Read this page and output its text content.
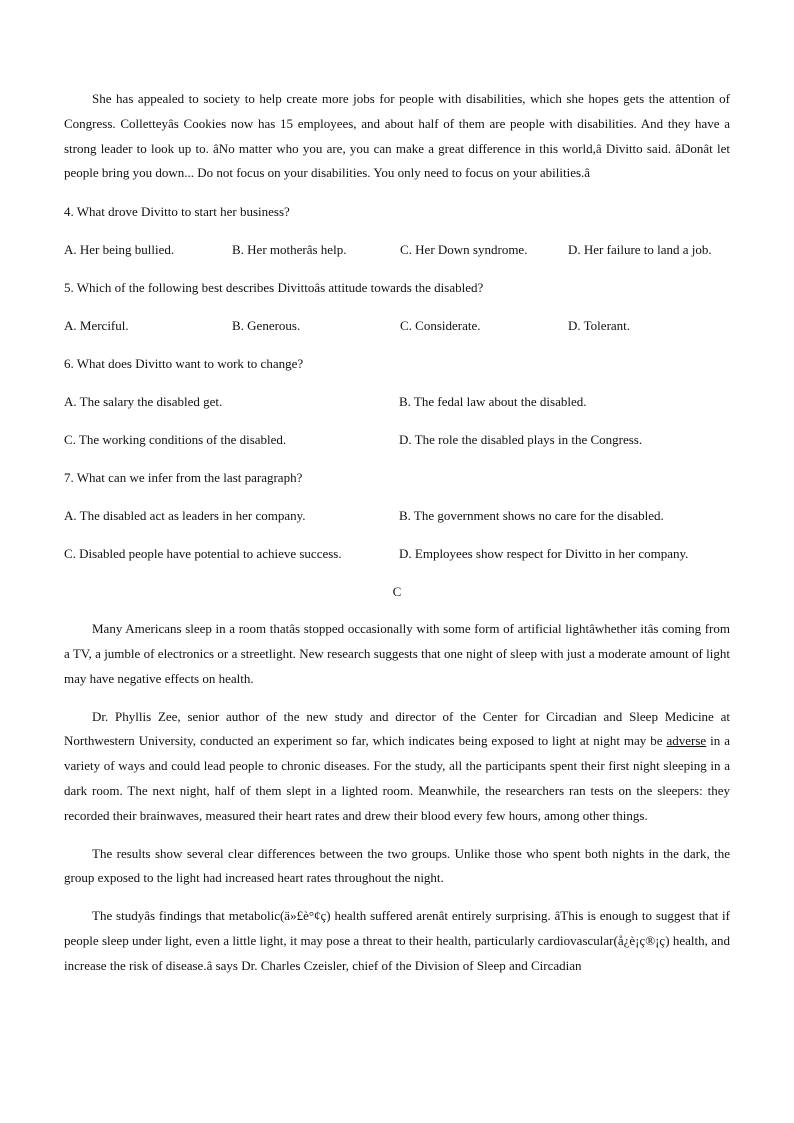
She has appealed to society to help create more jobs for people with disabilities, which she hopes gets the attention of Congress. Colletteyâs Cookies now has 15 employees, and about half of them are people with disabilities. And they have a strong leader to look up to. âNo matter who you are, you can make a great difference in this world,â Divitto said. âDonât let people bring you down... Do not focus on your disabilities. You only need to focus on your abilities.â

4. What drove Divitto to start her business?
A. Her being bullied.	B. Her motherâs help.	C. Her Down syndrome.	D. Her failure to land a job.
5. Which of the following best describes Divittoâs attitude towards the disabled?
A. Merciful.	B. Generous.	C. Considerate.	D. Tolerant.
6. What does Divitto want to work to change?
A. The salary the disabled get.	B. The fedal law about the disabled.
C. The working conditions of the disabled.	D. The role the disabled plays in the Congress.
7. What can we infer from the last paragraph?
A. The disabled act as leaders in her company.	B. The government shows no care for the disabled.
C. Disabled people have potential to achieve success.	D. Employees show respect for Divitto in her company.
C

Many Americans sleep in a room thatâs stopped occasionally with some form of artificial lightâwhether itâs coming from a TV, a jumble of electronics or a streetlight. New research suggests that one night of sleep with just a moderate amount of light may have negative effects on health.

Dr. Phyllis Zee, senior author of the new study and director of the Center for Circadian and Sleep Medicine at Northwestern University, conducted an experiment so far, which indicates being exposed to light at night may be adverse in a variety of ways and could lead people to chronic diseases. For the study, all the participants spent their first night sleeping in a dark room. The next night, half of them slept in a lighted room. Meanwhile, the researchers ran tests on the sleepers: they recorded their brainwaves, measured their heart rates and drew their blood every few hours, among other things.

The results show several clear differences between the two groups. Unlike those who spent both nights in the dark, the group exposed to the light had increased heart rates throughout the night.

The studyâs findings that metabolic(ä»£è°¢ç) health suffered arenât entirely surprising. âThis is enough to suggest that if people sleep under light, even a little light, it may pose a threat to their health, particularly cardiovascular(å¿è¡ç®¡ç) health, and increase the risk of disease.â says Dr. Charles Czeisler, chief of the Division of Sleep and Circadian
